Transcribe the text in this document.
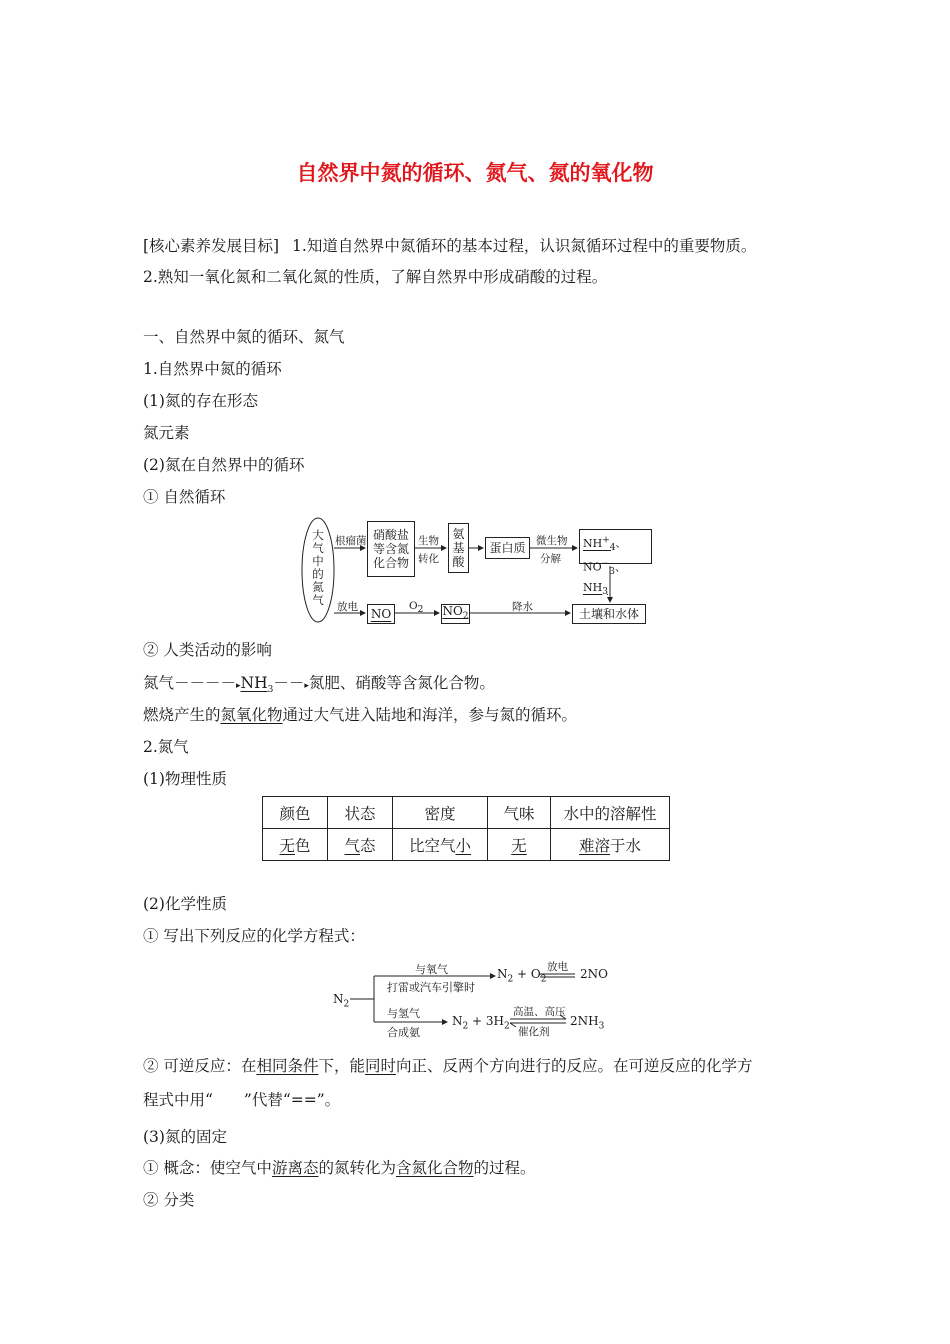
自然界中氮的循环、氮气、氮的氧化物
[核心素养发展目标] 1.知道自然界中氮循环的基本过程，认识氮循环过程中的重要物质。
2.熟知一氧化氮和二氧化氮的性质，了解自然界中形成硝酸的过程。
一、自然界中氮的循环、氮气
1.自然界中氮的循环
(1)氮的存在形态
氮元素
(2)氮在自然界中的循环
① 自然循环
大气中的氮气
根瘤菌 硝酸盐等含氮化合物
生物
转化
氨基酸
蛋白质	微生物
分解
$NH^+_4$、$NO^-_3$、
$NH_3$
放电 NO
$O_2$ $NO_2$
降水	土壤和水体
② 人类活动的影响
氮气$----▸NH_3--▸$氮肥、硝酸等含氮化合物。
燃烧产生的氮氧化物通过大气进入陆地和海洋，参与氮的循环。
2.氮气
(1)物理性质
颜色	状态	密度	气味	水中的溶解性
无色	气态	比空气小	无	难溶于水
(2)化学性质
① 写出下列反应的化学方程式：
$N_2$
与氧气
打雷或汽车引擎时
$N_2 + O_2$
放电 2NO
与氢气
合成氨
$N_2 + 3H_2$
高温、高压
催化剂
$2NH_3$
② 可逆反应：在相同条件下，能同时向正、反两个方向进行的反应。在可逆反应的化学方
程式中用“　　”代替“==”。
(3)氮的固定
① 概念：使空气中游离态的氮转化为含氮化合物的过程。
② 分类
